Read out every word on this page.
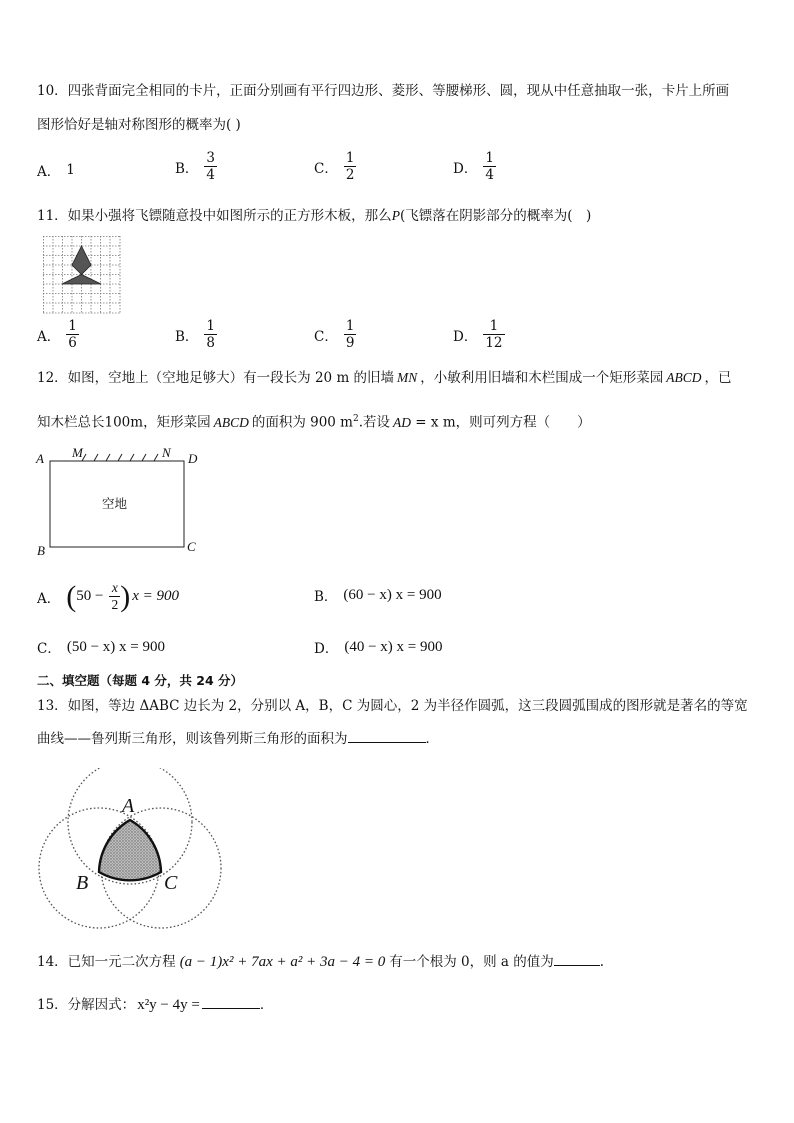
10．四张背面完全相同的卡片，正面分别画有平行四边形、菱形、等腰梯形、圆，现从中任意抽取一张，卡片上所画
图形恰好是轴对称图形的概率为( )
A． 1	B． $\frac{3}{4}$	C． $\frac{1}{2}$	D． $\frac{1}{4}$
11．如果小强将飞镖随意投中如图所示的正方形木板，那么P(飞镖落在阴影部分的概率为(　)
A． $\frac{1}{6}$	B． $\frac{1}{8}$	C． $\frac{1}{9}$	D． $\frac{1}{12}$
12．如图，空地上（空地足够大）有一段长为 20 m 的旧墙 MN ，小敏利用旧墙和木栏围成一个矩形菜园 ABCD ，已
知木栏总长100m，矩形菜园 ABCD 的面积为 900 $m^2$.若设 AD = x m，则可列方程（　　）
A M	N D
B	C
空地
A． ( $50 - \frac{x}{2}$ ) x = 900	B． (60 − x) x = 900
C． (50 − x) x = 900	D． (40 − x) x = 900
二、填空题（每题 4 分，共 24 分）
13．如图，等边 ΔABC 边长为 2，分别以 A，B，C 为圆心，2 为半径作圆弧，这三段圆弧围成的图形就是著名的等宽
曲线——鲁列斯三角形，则该鲁列斯三角形的面积为	．
A
B	C
14．已知一元二次方程 (a − 1)x² + 7ax + a² + 3a − 4 = 0 有一个根为 0，则 a 的值为	.
15．分解因式： x²y − 4y =	．
